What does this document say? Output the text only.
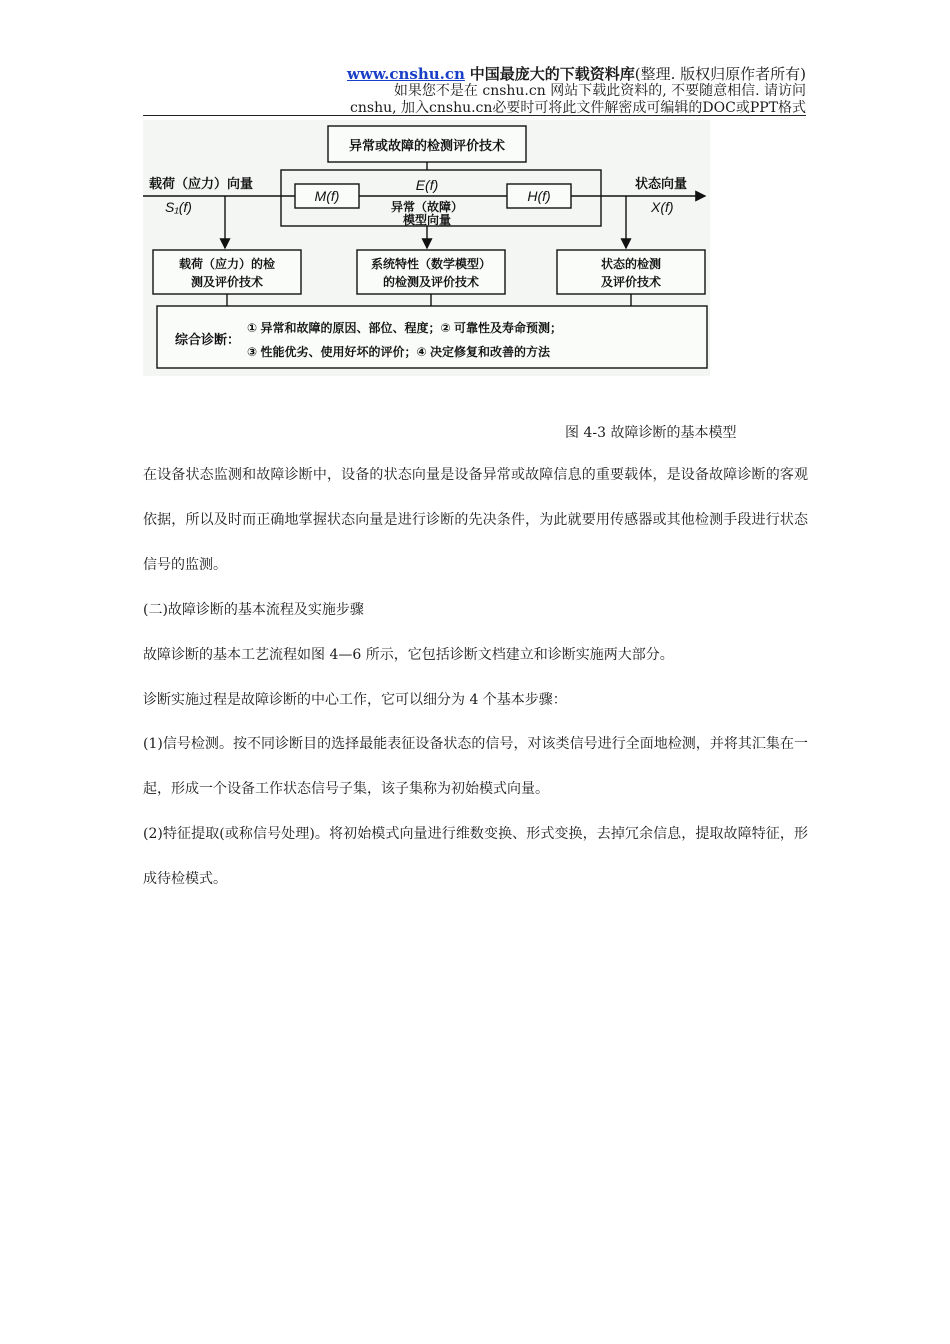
www.cnshu.cn 中国最庞大的下载资料库(整理. 版权归原作者所有)
如果您不是在 cnshu.cn 网站下载此资料的, 不要随意相信. 请访问
cnshu, 加入cnshu.cn必要时可将此文件解密成可编辑的DOC或PPT格式
异常或故障的检测评价技术
M(f)	H(f)
E(f)
异常（故障）
模型向量
载荷（应力）向量
S₁(f)
状态向量
X(f)
载荷（应力）的检
测及评价技术
系统特性（数学模型）
的检测及评价技术
状态的检测
及评价技术
综合诊断：
① 异常和故障的原因、部位、程度；② 可靠性及寿命预测；
③ 性能优劣、使用好坏的评价；④ 决定修复和改善的方法
图 4-3 故障诊断的基本模型
在设备状态监测和故障诊断中，设备的状态向量是设备异常或故障信息的重要载体，是设备故障诊断的客观依据，所以及时而正确地掌握状态向量是进行诊断的先决条件，为此就要用传感器或其他检测手段进行状态信号的监测。
(二)故障诊断的基本流程及实施步骤
故障诊断的基本工艺流程如图 4—6 所示，它包括诊断文档建立和诊断实施两大部分。
诊断实施过程是故障诊断的中心工作，它可以细分为 4 个基本步骤：
(1)信号检测。按不同诊断目的选择最能表征设备状态的信号，对该类信号进行全面地检测，并将其汇集在一起，形成一个设备工作状态信号子集，该子集称为初始模式向量。
(2)特征提取(或称信号处理)。将初始模式向量进行维数变换、形式变换，去掉冗余信息，提取故障特征，形成待检模式。
